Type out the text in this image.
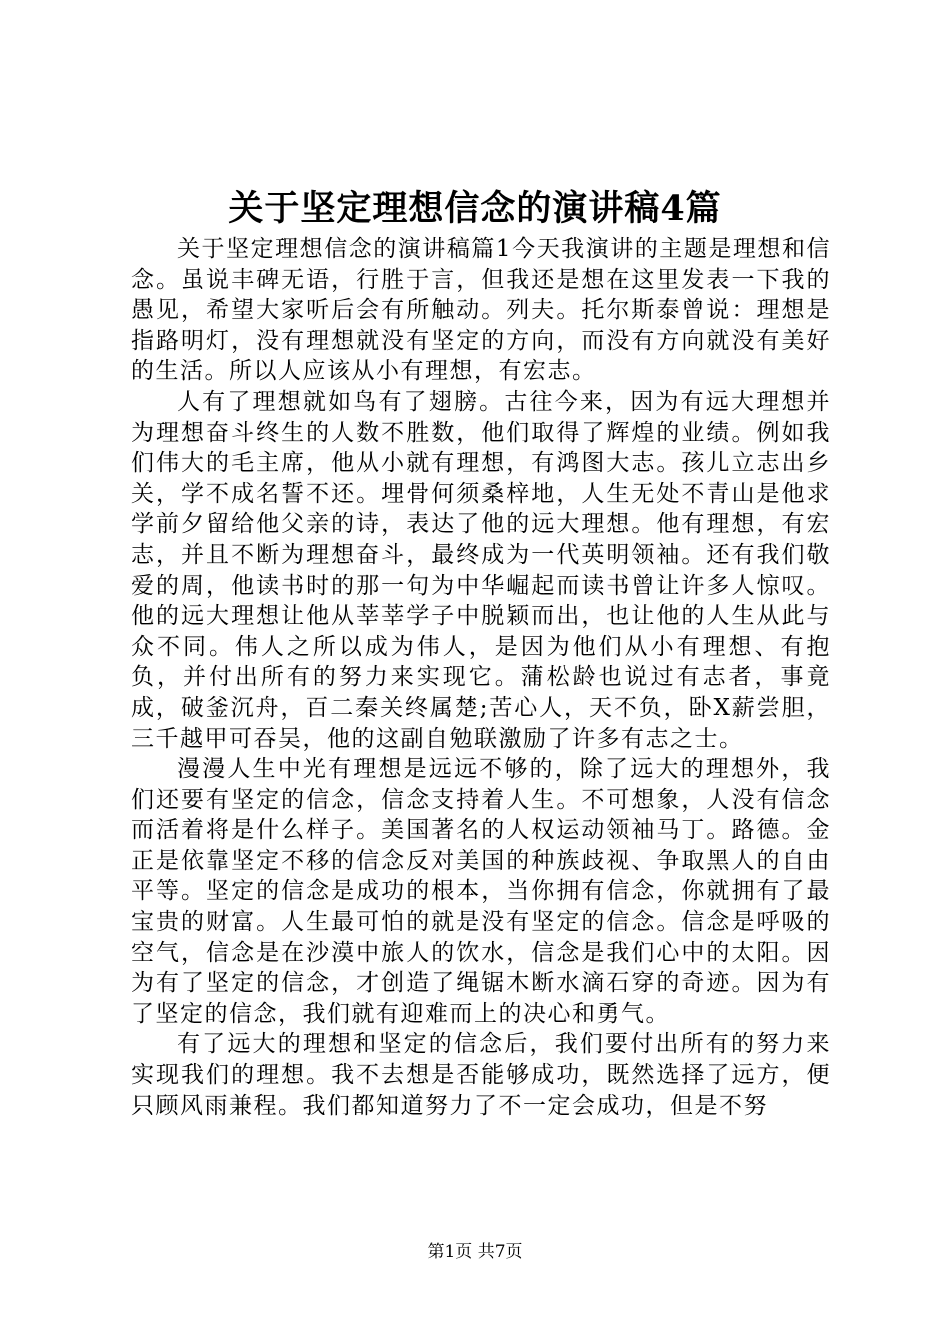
关于坚定理想信念的演讲稿4篇

关于坚定理想信念的演讲稿篇1今天我演讲的主题是理想和信念。虽说丰碑无语，行胜于言，但我还是想在这里发表一下我的愚见，希望大家听后会有所触动。列夫。托尔斯泰曾说：理想是指路明灯，没有理想就没有坚定的方向，而没有方向就没有美好的生活。所以人应该从小有理想，有宏志。

人有了理想就如鸟有了翅膀。古往今来，因为有远大理想并为理想奋斗终生的人数不胜数，他们取得了辉煌的业绩。例如我们伟大的毛主席，他从小就有理想，有鸿图大志。孩儿立志出乡关，学不成名誓不还。埋骨何须桑梓地，人生无处不青山是他求学前夕留给他父亲的诗，表达了他的远大理想。他有理想，有宏志，并且不断为理想奋斗，最终成为一代英明领袖。还有我们敬爱的周，他读书时的那一句为中华崛起而读书曾让许多人惊叹。他的远大理想让他从莘莘学子中脱颖而出，也让他的人生从此与众不同。伟人之所以成为伟人，是因为他们从小有理想、有抱负，并付出所有的努力来实现它。蒲松龄也说过有志者，事竟成，破釜沉舟，百二秦关终属楚;苦心人，天不负，卧X薪尝胆，三千越甲可吞吴，他的这副自勉联激励了许多有志之士。

漫漫人生中光有理想是远远不够的，除了远大的理想外，我们还要有坚定的信念，信念支持着人生。不可想象，人没有信念而活着将是什么样子。美国著名的人权运动领袖马丁。路德。金正是依靠坚定不移的信念反对美国的种族歧视、争取黑人的自由平等。坚定的信念是成功的根本，当你拥有信念，你就拥有了最宝贵的财富。人生最可怕的就是没有坚定的信念。信念是呼吸的空气，信念是在沙漠中旅人的饮水，信念是我们心中的太阳。因为有了坚定的信念，才创造了绳锯木断水滴石穿的奇迹。因为有了坚定的信念，我们就有迎难而上的决心和勇气。

有了远大的理想和坚定的信念后，我们要付出所有的努力来实现我们的理想。我不去想是否能够成功，既然选择了远方，便只顾风雨兼程。我们都知道努力了不一定会成功，但是不努

第1页 共7页
